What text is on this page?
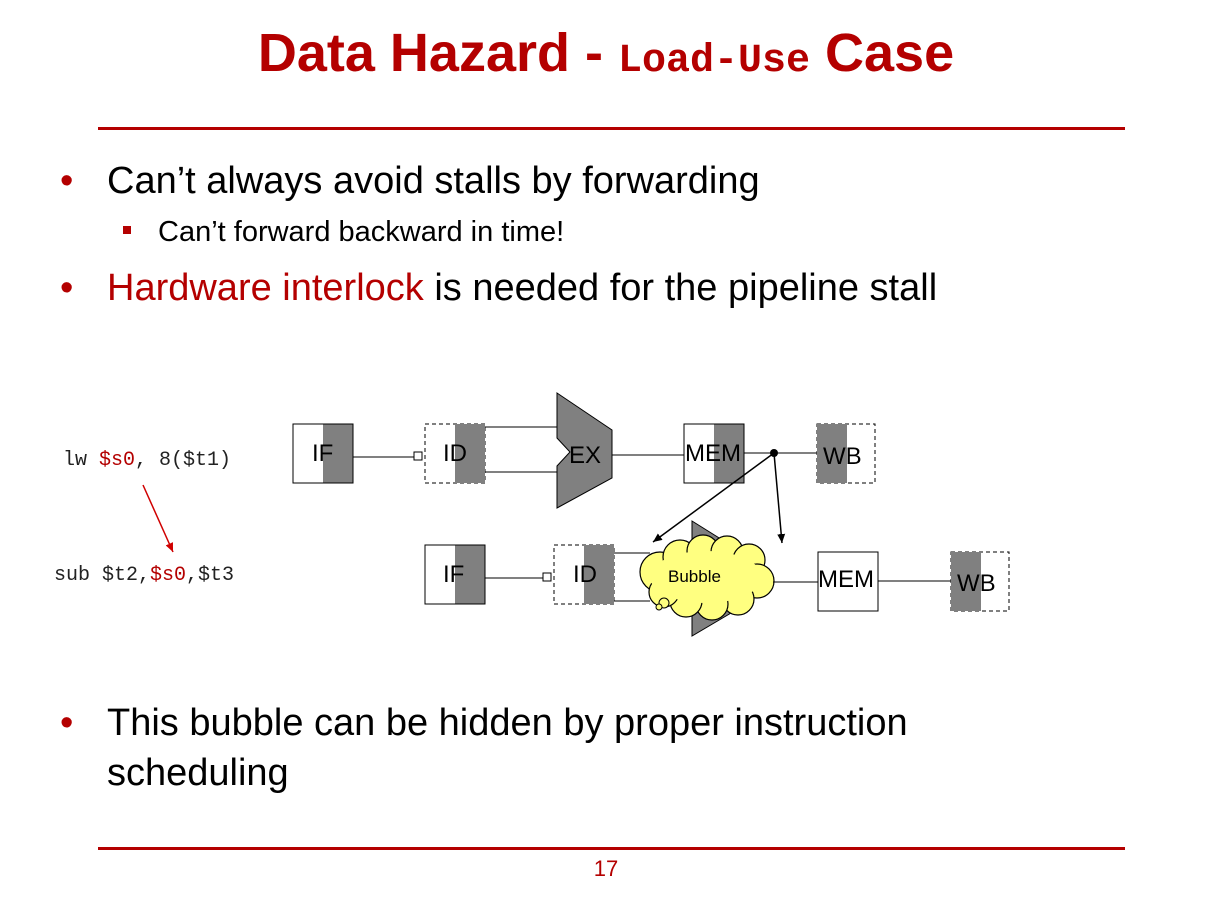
Data Hazard - Load-Use Case
• Can’t always avoid stalls by forwarding
Can’t forward backward in time!
• Hardware interlock is needed for the pipeline stall
lw $s0, 8($t1)
sub $t2,$s0,$t3
IF	ID	EX	MEM	WB
IF	ID	Bubble	MEM	WB
• This bubble can be hidden by proper instruction scheduling
17
